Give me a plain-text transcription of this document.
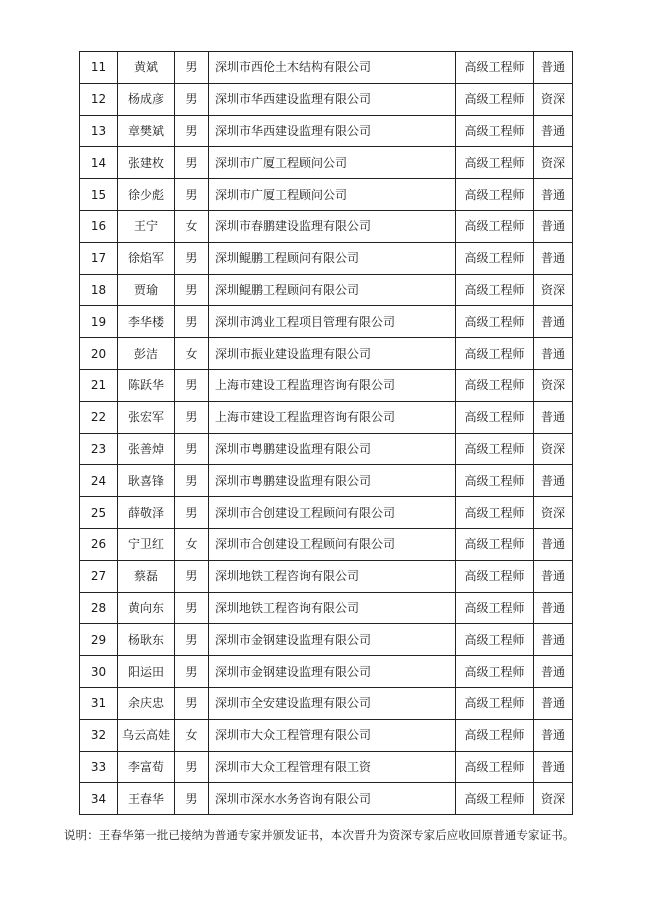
11	黄斌	男	深圳市西伦土木结构有限公司	高级工程师	普通
12	杨成彦	男	深圳市华西建设监理有限公司	高级工程师	资深
13	章樊斌	男	深圳市华西建设监理有限公司	高级工程师	普通
14	张建枚	男	深圳市广厦工程顾问公司	高级工程师	资深
15	徐少彪	男	深圳市广厦工程顾问公司	高级工程师	普通
16	王宁	女	深圳市春鹏建设监理有限公司	高级工程师	普通
17	徐焰军	男	深圳鲲鹏工程顾问有限公司	高级工程师	普通
18	贾瑜	男	深圳鲲鹏工程顾问有限公司	高级工程师	资深
19	李华楼	男	深圳市鸿业工程项目管理有限公司	高级工程师	普通
20	彭洁	女	深圳市振业建设监理有限公司	高级工程师	普通
21	陈跃华	男	上海市建设工程监理咨询有限公司	高级工程师	资深
22	张宏军	男	上海市建设工程监理咨询有限公司	高级工程师	普通
23	张善焯	男	深圳市粤鹏建设监理有限公司	高级工程师	资深
24	耿喜锋	男	深圳市粤鹏建设监理有限公司	高级工程师	普通
25	薛敬泽	男	深圳市合创建设工程顾问有限公司	高级工程师	资深
26	宁卫红	女	深圳市合创建设工程顾问有限公司	高级工程师	普通
27	蔡磊	男	深圳地铁工程咨询有限公司	高级工程师	普通
28	黄向东	男	深圳地铁工程咨询有限公司	高级工程师	普通
29	杨耿东	男	深圳市金钢建设监理有限公司	高级工程师	普通
30	阳运田	男	深圳市金钢建设监理有限公司	高级工程师	普通
31	余庆忠	男	深圳市全安建设监理有限公司	高级工程师	普通
32	乌云高娃	女	深圳市大众工程管理有限公司	高级工程师	普通
33	李富荀	男	深圳市大众工程管理有限工资	高级工程师	普通
34	王春华	男	深圳市深水水务咨询有限公司	高级工程师	资深
说明：王春华第一批已接纳为普通专家并颁发证书，本次晋升为资深专家后应收回原普通专家证书。
